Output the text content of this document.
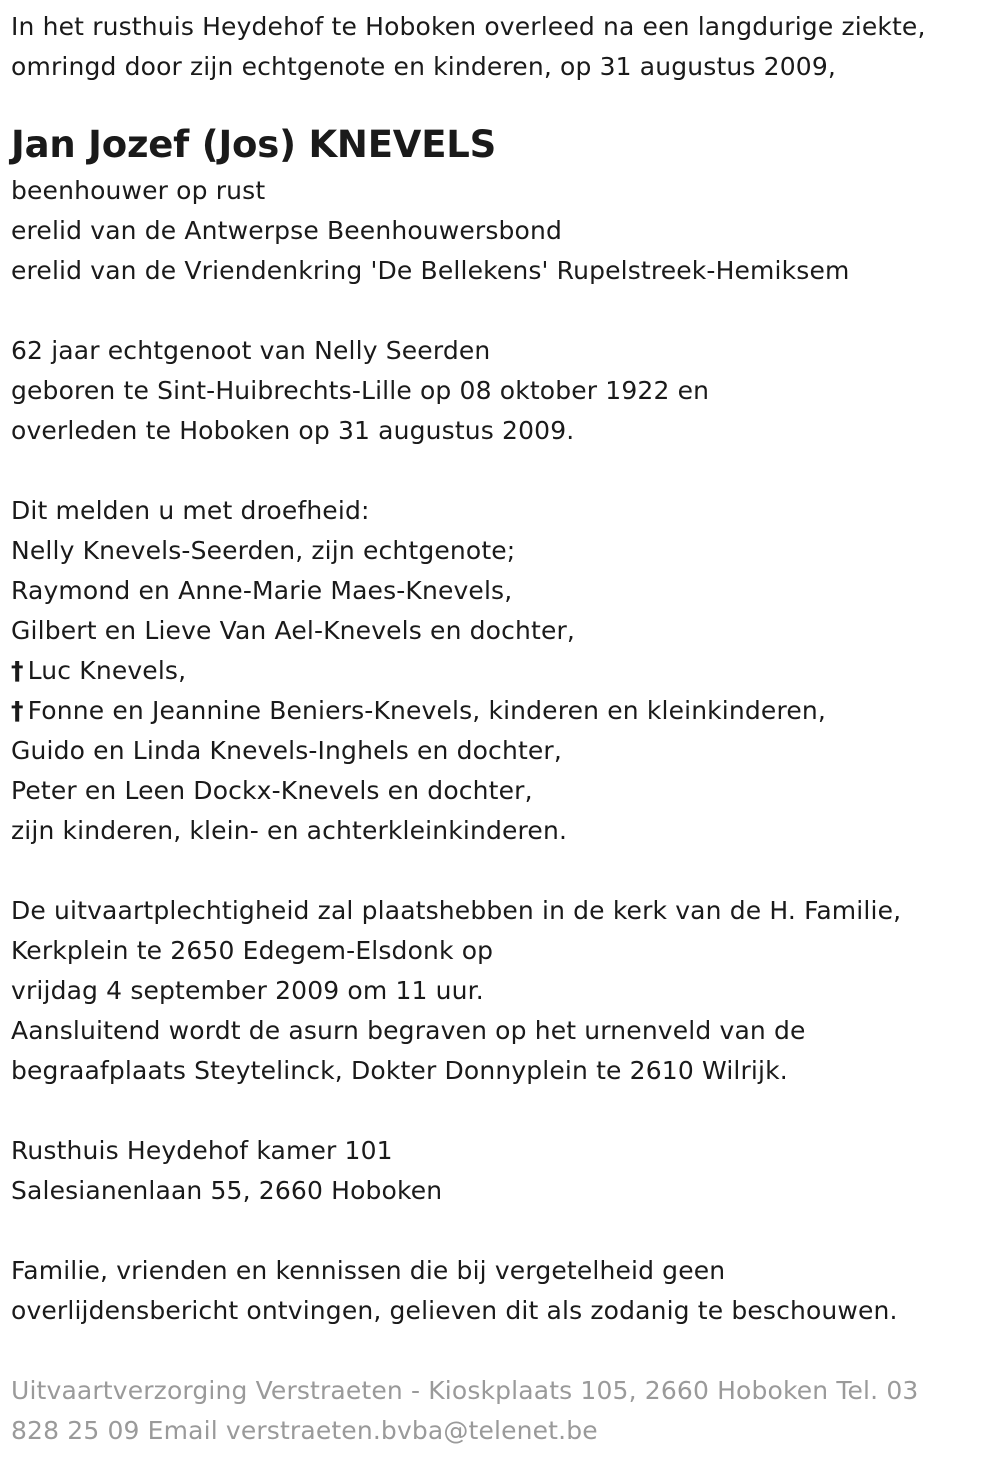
In het rusthuis Heydehof te Hoboken overleed na een langdurige ziekte,
omringd door zijn echtgenote en kinderen, op 31 augustus 2009,
Jan Jozef (Jos) KNEVELS
beenhouwer op rust
erelid van de Antwerpse Beenhouwersbond
erelid van de Vriendenkring 'De Bellekens' Rupelstreek-Hemiksem
62 jaar echtgenoot van Nelly Seerden
geboren te Sint-Huibrechts-Lille op 08 oktober 1922 en
overleden te Hoboken op 31 augustus 2009.
Dit melden u met droefheid:
Nelly Knevels-Seerden, zijn echtgenote;
Raymond en Anne-Marie Maes-Knevels,
Gilbert en Lieve Van Ael-Knevels en dochter,
† Luc Knevels,
† Fonne en Jeannine Beniers-Knevels, kinderen en kleinkinderen,
Guido en Linda Knevels-Inghels en dochter,
Peter en Leen Dockx-Knevels en dochter,
zijn kinderen, klein- en achterkleinkinderen.
De uitvaartplechtigheid zal plaatshebben in de kerk van de H. Familie,
Kerkplein te 2650 Edegem-Elsdonk op
vrijdag 4 september 2009 om 11 uur.
Aansluitend wordt de asurn begraven op het urnenveld van de
begraafplaats Steytelinck, Dokter Donnyplein te 2610 Wilrijk.
Rusthuis Heydehof kamer 101
Salesianenlaan 55, 2660 Hoboken
Familie, vrienden en kennissen die bij vergetelheid geen
overlijdensbericht ontvingen, gelieven dit als zodanig te beschouwen.
Uitvaartverzorging Verstraeten - Kioskplaats 105, 2660 Hoboken Tel. 03
828 25 09 Email verstraeten.bvba@telenet.be
